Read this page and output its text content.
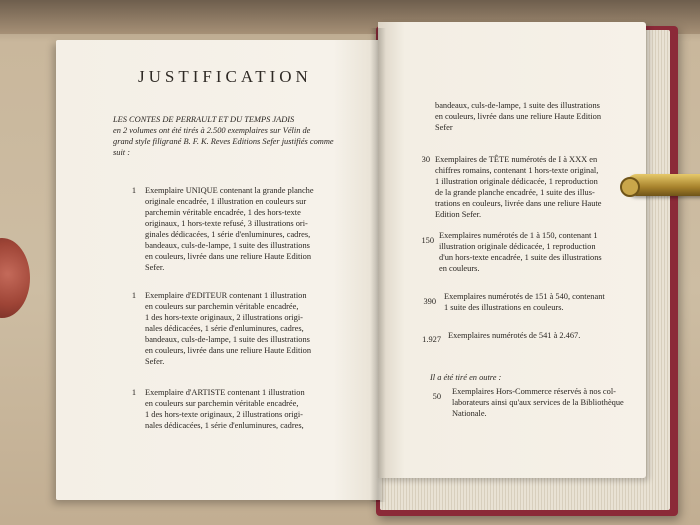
JUSTIFICATION
LES CONTES DE PERRAULT ET DU TEMPS JADIS
en 2 volumes ont été tirés à 2.500 exemplaires sur Vélin de
grand style filigrané B. F. K. Reves Editions Sefer justifiés comme
suit :
1 Exemplaire UNIQUE contenant la grande planche
originale encadrée, 1 illustration en couleurs sur
parchemin véritable encadrée, 1 des hors-texte
originaux, 1 hors-texte refusé, 3 illustrations ori-
ginales dédicacées, 1 série d'enluminures, cadres,
bandeaux, culs-de-lampe, 1 suite des illustrations
en couleurs, livrée dans une reliure Haute Edition
Sefer.
1 Exemplaire d'EDITEUR contenant 1 illustration
en couleurs sur parchemin véritable encadrée,
1 des hors-texte originaux, 2 illustrations origi-
nales dédicacées, 1 série d'enluminures, cadres,
bandeaux, culs-de-lampe, 1 suite des illustrations
en couleurs, livrée dans une reliure Haute Edition
Sefer.
1 Exemplaire d'ARTISTE contenant 1 illustration
en couleurs sur parchemin véritable encadrée,
1 des hors-texte originaux, 2 illustrations origi-
nales dédicacées, 1 série d'enluminures, cadres,
bandeaux, culs-de-lampe, 1 suite des illustrations
en couleurs, livrée dans une reliure Haute Edition
Sefer
30 Exemplaires de TÊTE numérotés de I à XXX en
chiffres romains, contenant 1 hors-texte original,
1 illustration originale dédicacée, 1 reproduction
de la grande planche encadrée, 1 suite des illus-
trations en couleurs, livrée dans une reliure Haute
Edition Sefer.
150
Exemplaires numérotés de 1 à 150, contenant 1
illustration originale dédicacée, 1 reproduction
d'un hors-texte encadrée, 1 suite des illustrations
en couleurs.
390
Exemplaires numérotés de 151 à 540, contenant
1 suite des illustrations en couleurs.
1.927 Exemplaires numérotés de 541 à 2.467.
Il a été tiré en outre :
50
Exemplaires Hors-Commerce réservés à nos col-
laborateurs ainsi qu'aux services de la Bibliothèque
Nationale.
